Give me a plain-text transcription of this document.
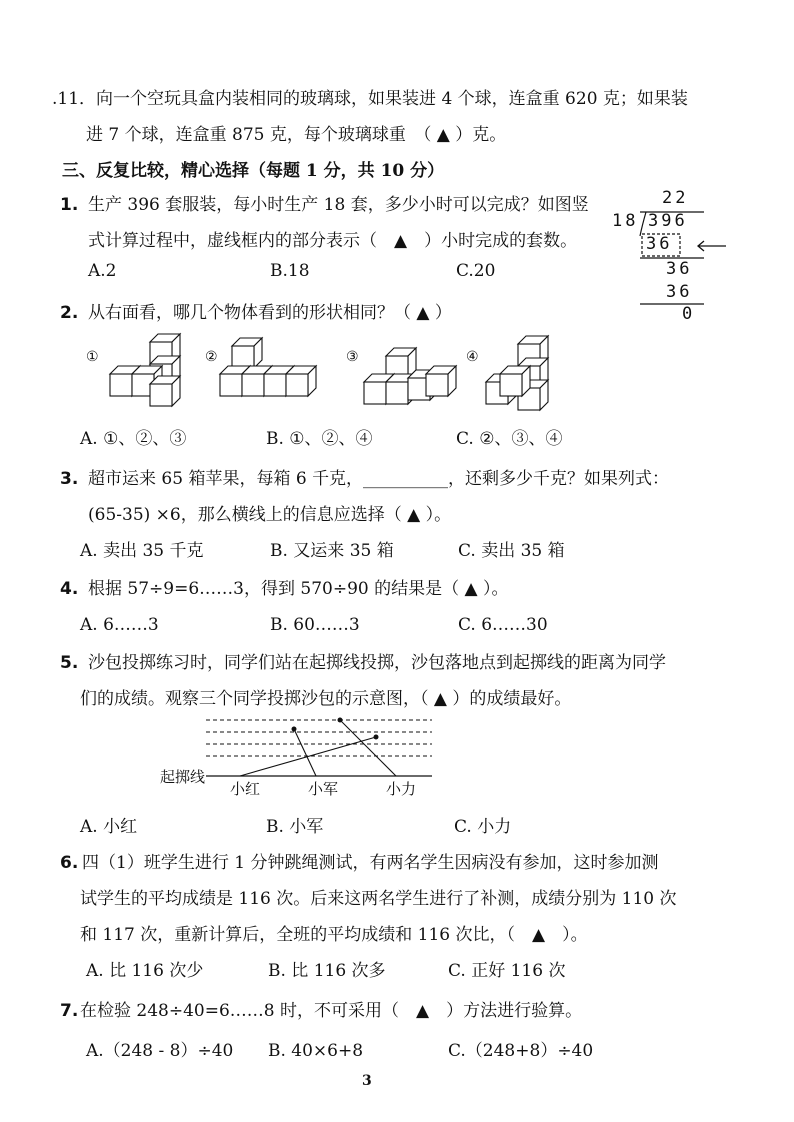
.11．向一个空玩具盒内装相同的玻璃球，如果装进 4 个球，连盒重 620 克；如果装
进 7 个球，连盒重 875 克，每个玻璃球重　（ ▲ ）克。
三、反复比较，精心选择（每题 1 分，共 10 分）
1. 生产 396 套服装，每小时生产 18 套，多少小时可以完成？如图竖
式计算过程中，虚线框内的部分表示（　▲　）小时完成的套数。
A.2	B.18	C.20
22
18 396
36
36
36
0
2. 从右面看，哪几个物体看到的形状相同？（ ▲ ）
①	②	③	④
A. ①、②、③	B. ①、②、④	C. ②、③、④
3. 超市运来 65 箱苹果，每箱 6 千克，__________，还剩多少千克？如果列式：
(65-35) ×6，那么横线上的信息应选择（ ▲ ）。
A. 卖出 35 千克	B. 又运来 35 箱	C. 卖出 35 箱
4. 根据 57÷9=6……3，得到 570÷90 的结果是（ ▲ ）。
A. 6……3	B. 60……3	C. 6……30
5. 沙包投掷练习时，同学们站在起掷线投掷，沙包落地点到起掷线的距离为同学
们的成绩。观察三个同学投掷沙包的示意图，（ ▲ ）的成绩最好。
起掷线
小红	小军	小力
A. 小红	B. 小军	C. 小力
6. 四（1）班学生进行 1 分钟跳绳测试，有两名学生因病没有参加，这时参加测
试学生的平均成绩是 116 次。后来这两名学生进行了补测，成绩分别为 110 次
和 117 次，重新计算后，全班的平均成绩和 116 次比，（　▲　）。
A. 比 116 次少	B. 比 116 次多	C. 正好 116 次
7. 在检验 248÷40=6……8 时，不可采用（　▲　）方法进行验算。
A.（248 - 8）÷40 B. 40×6+8	C.（248+8）÷40
3
